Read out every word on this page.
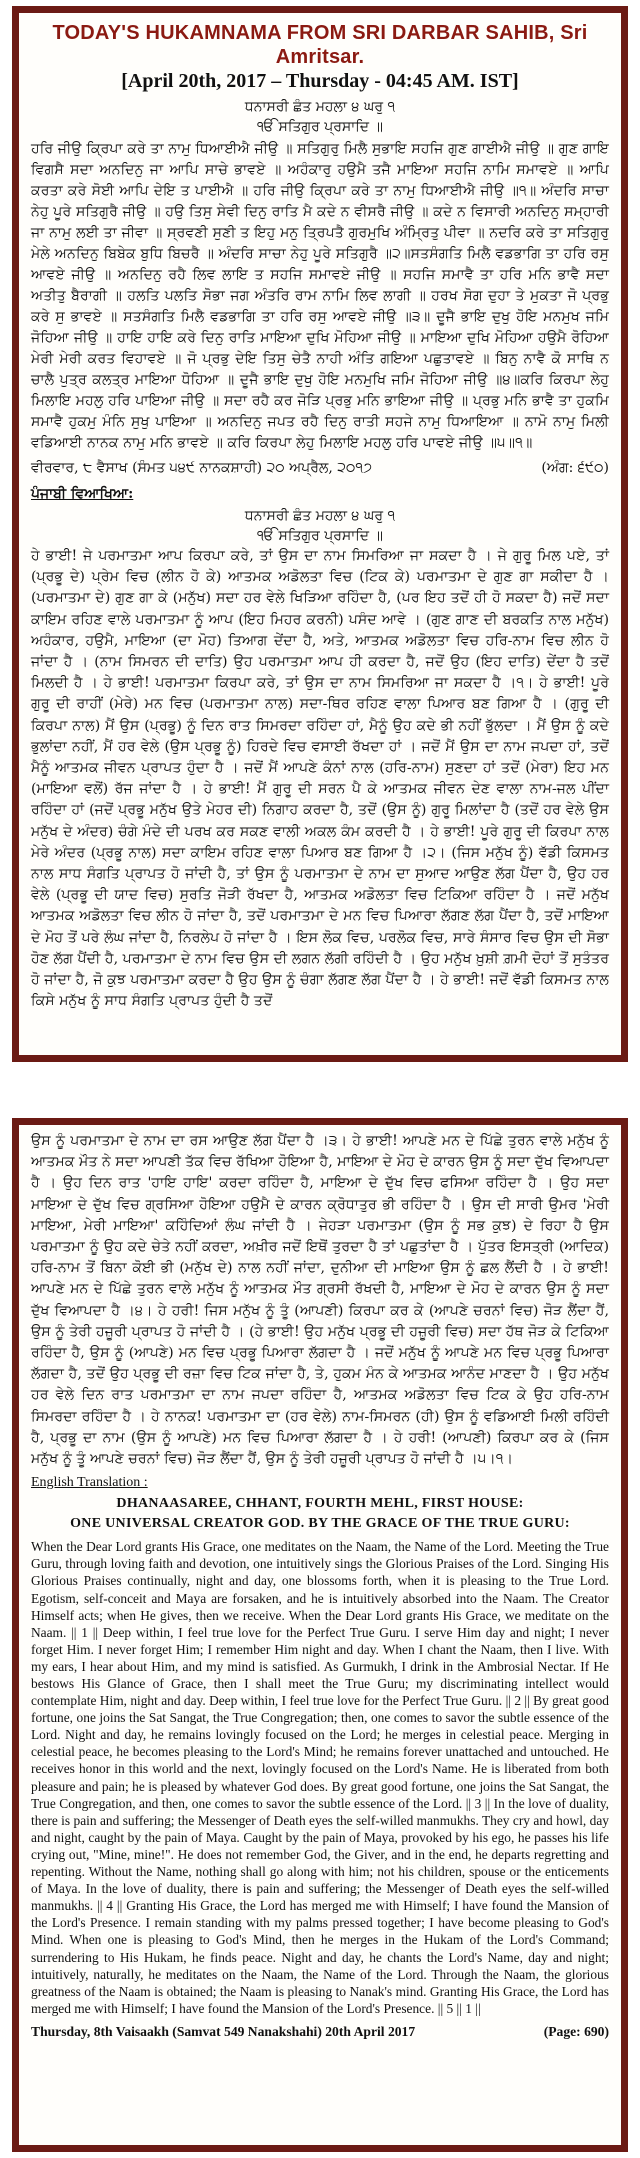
TODAY'S HUKAMNAMA FROM SRI DARBAR SAHIB, Sri Amritsar.
[April 20th, 2017 – Thursday - 04:45 AM. IST]

ਧਨਾਸਰੀ ਛੰਤ ਮਹਲਾ ੪ ਘਰੁ ੧

ੴ ਸਤਿਗੁਰ ਪ੍ਰਸਾਦਿ ॥

ਹਰਿ ਜੀਉ ਕ੍ਰਿਪਾ ਕਰੇ ਤਾ ਨਾਮੁ ਧਿਆਈਐ ਜੀਉ ॥ ਸਤਿਗੁਰੁ ਮਿਲੈ ਸੁਭਾਇ ਸਹਜਿ ਗੁਣ ਗਾਈਐ ਜੀਉ ॥ ਗੁਣ ਗਾਇ ਵਿਗਸੈ ਸਦਾ ਅਨਦਿਨੁ ਜਾ ਆਪਿ ਸਾਚੇ ਭਾਵਏ ॥ ਅਹੰਕਾਰੁ ਹਉਮੈ ਤਜੈ ਮਾਇਆ ਸਹਜਿ ਨਾਮਿ ਸਮਾਵਏ ॥ ਆਪਿ ਕਰਤਾ ਕਰੇ ਸੋਈ ਆਪਿ ਦੇਇ ਤ ਪਾਈਐ ॥ ਹਰਿ ਜੀਉ ਕ੍ਰਿਪਾ ਕਰੇ ਤਾ ਨਾਮੁ ਧਿਆਈਐ ਜੀਉ ॥੧॥ ਅੰਦਰਿ ਸਾਚਾ ਨੇਹੁ ਪੂਰੇ ਸਤਿਗੁਰੈ ਜੀਉ ॥ ਹਉ ਤਿਸੁ ਸੇਵੀ ਦਿਨੁ ਰਾਤਿ ਮੈ ਕਦੇ ਨ ਵੀਸਰੈ ਜੀਉ ॥ ਕਦੇ ਨ ਵਿਸਾਰੀ ਅਨਦਿਨੁ ਸਮ੍ਹਾਰੀ ਜਾ ਨਾਮੁ ਲਈ ਤਾ ਜੀਵਾ ॥ ਸ੍ਰਵਣੀ ਸੁਣੀ ਤ ਇਹੁ ਮਨੁ ਤ੍ਰਿਪਤੈ ਗੁਰਮੁਖਿ ਅੰਮ੍ਰਿਤੁ ਪੀਵਾ ॥ ਨਦਰਿ ਕਰੇ ਤਾ ਸਤਿਗੁਰੁ ਮੇਲੇ ਅਨਦਿਨੁ ਬਿਬੇਕ ਬੁਧਿ ਬਿਚਰੈ ॥ ਅੰਦਰਿ ਸਾਚਾ ਨੇਹੁ ਪੂਰੇ ਸਤਿਗੁਰੈ ॥੨॥ਸਤਸੰਗਤਿ ਮਿਲੈ ਵਡਭਾਗਿ ਤਾ ਹਰਿ ਰਸੁ ਆਵਏ ਜੀਉ ॥ ਅਨਦਿਨੁ ਰਹੈ ਲਿਵ ਲਾਇ ਤ ਸਹਜਿ ਸਮਾਵਏ ਜੀਉ ॥ ਸਹਜਿ ਸਮਾਵੈ ਤਾ ਹਰਿ ਮਨਿ ਭਾਵੈ ਸਦਾ ਅਤੀਤੁ ਬੈਰਾਗੀ ॥ ਹਲਤਿ ਪਲਤਿ ਸੋਭਾ ਜਗ ਅੰਤਰਿ ਰਾਮ ਨਾਮਿ ਲਿਵ ਲਾਗੀ ॥ ਹਰਖ ਸੋਗ ਦੁਹਾ ਤੇ ਮੁਕਤਾ ਜੋ ਪ੍ਰਭੁ ਕਰੇ ਸੁ ਭਾਵਏ ॥ ਸਤਸੰਗਤਿ ਮਿਲੈ ਵਡਭਾਗਿ ਤਾ ਹਰਿ ਰਸੁ ਆਵਏ ਜੀਉ ॥੩॥ ਦੂਜੈ ਭਾਇ ਦੁਖੁ ਹੋਇ ਮਨਮੁਖ ਜਮਿ ਜੋਹਿਆ ਜੀਉ ॥ ਹਾਇ ਹਾਇ ਕਰੇ ਦਿਨੁ ਰਾਤਿ ਮਾਇਆ ਦੁਖਿ ਮੋਹਿਆ ਜੀਉ ॥ ਮਾਇਆ ਦੁਖਿ ਮੋਹਿਆ ਹਉਮੈ ਰੋਹਿਆ ਮੇਰੀ ਮੇਰੀ ਕਰਤ ਵਿਹਾਵਏ ॥ ਜੋ ਪ੍ਰਭੁ ਦੇਇ ਤਿਸੁ ਚੇਤੈ ਨਾਹੀ ਅੰਤਿ ਗਇਆ ਪਛੁਤਾਵਏ ॥ ਬਿਨੁ ਨਾਵੈ ਕੋ ਸਾਥਿ ਨ ਚਾਲੈ ਪੁਤ੍ਰ ਕਲਤ੍ਰ ਮਾਇਆ ਧੋਹਿਆ ॥ ਦੂਜੈ ਭਾਇ ਦੁਖੁ ਹੋਇ ਮਨਮੁਖਿ ਜਮਿ ਜੋਹਿਆ ਜੀਉ ॥੪॥ਕਰਿ ਕਿਰਪਾ ਲੇਹੁ ਮਿਲਾਇ ਮਹਲੁ ਹਰਿ ਪਾਇਆ ਜੀਉ ॥ ਸਦਾ ਰਹੈ ਕਰ ਜੋੜਿ ਪ੍ਰਭੁ ਮਨਿ ਭਾਇਆ ਜੀਉ ॥ ਪ੍ਰਭੁ ਮਨਿ ਭਾਵੈ ਤਾ ਹੁਕਮਿ ਸਮਾਵੈ ਹੁਕਮੁ ਮੰਨਿ ਸੁਖੁ ਪਾਇਆ ॥ ਅਨਦਿਨੁ ਜਪਤ ਰਹੈ ਦਿਨੁ ਰਾਤੀ ਸਹਜੇ ਨਾਮੁ ਧਿਆਇਆ ॥ ਨਾਮੋ ਨਾਮੁ ਮਿਲੀ ਵਡਿਆਈ ਨਾਨਕ ਨਾਮੁ ਮਨਿ ਭਾਵਏ ॥ ਕਰਿ ਕਿਰਪਾ ਲੇਹੁ ਮਿਲਾਇ ਮਹਲੁ ਹਰਿ ਪਾਵਏ ਜੀਉ ॥੫॥੧॥

ਵੀਰਵਾਰ, ੮ ਵੈਸਾਖ (ਸੰਮਤ ੫੪੯ ਨਾਨਕਸ਼ਾਹੀ) ੨੦ ਅਪ੍ਰੈਲ, ੨੦੧੭	(ਅੰਗ: ੬੯੦)

ਪੰਜਾਬੀ ਵਿਆਖਿਆ:

ਧਨਾਸਰੀ ਛੰਤ ਮਹਲਾ ੪ ਘਰੁ ੧

ੴ ਸਤਿਗੁਰ ਪ੍ਰਸਾਦਿ ॥

ਹੇ ਭਾਈ! ਜੇ ਪਰਮਾਤਮਾ ਆਪ ਕਿਰਪਾ ਕਰੇ, ਤਾਂ ਉਸ ਦਾ ਨਾਮ ਸਿਮਰਿਆ ਜਾ ਸਕਦਾ ਹੈ । ਜੇ ਗੁਰੂ ਮਿਲ ਪਏ, ਤਾਂ (ਪ੍ਰਭੂ ਦੇ) ਪ੍ਰੇਮ ਵਿਚ (ਲੀਨ ਹੋ ਕੇ) ਆਤਮਕ ਅਡੋਲਤਾ ਵਿਚ (ਟਿਕ ਕੇ) ਪਰਮਾਤਮਾ ਦੇ ਗੁਣ ਗਾ ਸਕੀਦਾ ਹੈ । (ਪਰਮਾਤਮਾ ਦੇ) ਗੁਣ ਗਾ ਕੇ (ਮਨੁੱਖ) ਸਦਾ ਹਰ ਵੇਲੇ ਖਿੜਿਆ ਰਹਿੰਦਾ ਹੈ, (ਪਰ ਇਹ ਤਦੋਂ ਹੀ ਹੋ ਸਕਦਾ ਹੈ) ਜਦੋਂ ਸਦਾ ਕਾਇਮ ਰਹਿਣ ਵਾਲੇ ਪਰਮਾਤਮਾ ਨੂੰ ਆਪ (ਇਹ ਮਿਹਰ ਕਰਨੀ) ਪਸੰਦ ਆਵੇ । (ਗੁਣ ਗਾਣ ਦੀ ਬਰਕਤਿ ਨਾਲ ਮਨੁੱਖ) ਅਹੰਕਾਰ, ਹਉਮੈ, ਮਾਇਆ (ਦਾ ਮੋਹ) ਤਿਆਗ ਦੇਂਦਾ ਹੈ, ਅਤੇ, ਆਤਮਕ ਅਡੋਲਤਾ ਵਿਚ ਹਰਿ-ਨਾਮ ਵਿਚ ਲੀਨ ਹੋ ਜਾਂਦਾ ਹੈ । (ਨਾਮ ਸਿਮਰਨ ਦੀ ਦਾਤਿ) ਉਹ ਪਰਮਾਤਮਾ ਆਪ ਹੀ ਕਰਦਾ ਹੈ, ਜਦੋਂ ਉਹ (ਇਹ ਦਾਤਿ) ਦੇਂਦਾ ਹੈ ਤਦੋਂ ਮਿਲਦੀ ਹੈ । ਹੇ ਭਾਈ! ਪਰਮਾਤਮਾ ਕਿਰਪਾ ਕਰੇ, ਤਾਂ ਉਸ ਦਾ ਨਾਮ ਸਿਮਰਿਆ ਜਾ ਸਕਦਾ ਹੈ ।੧। ਹੇ ਭਾਈ! ਪੂਰੇ ਗੁਰੂ ਦੀ ਰਾਹੀਂ (ਮੇਰੇ) ਮਨ ਵਿਚ (ਪਰਮਾਤਮਾ ਨਾਲ) ਸਦਾ-ਥਿਰ ਰਹਿਣ ਵਾਲਾ ਪਿਆਰ ਬਣ ਗਿਆ ਹੈ । (ਗੁਰੂ ਦੀ ਕਿਰਪਾ ਨਾਲ) ਮੈਂ ਉਸ (ਪ੍ਰਭੂ) ਨੂੰ ਦਿਨ ਰਾਤ ਸਿਮਰਦਾ ਰਹਿੰਦਾ ਹਾਂ, ਮੈਨੂੰ ਉਹ ਕਦੇ ਭੀ ਨਹੀਂ ਭੁੱਲਦਾ । ਮੈਂ ਉਸ ਨੂੰ ਕਦੇ ਭੁਲਾਂਦਾ ਨਹੀਂ, ਮੈਂ ਹਰ ਵੇਲੇ (ਉਸ ਪ੍ਰਭੂ ਨੂੰ) ਹਿਰਦੇ ਵਿਚ ਵਸਾਈ ਰੱਖਦਾ ਹਾਂ । ਜਦੋਂ ਮੈਂ ਉਸ ਦਾ ਨਾਮ ਜਪਦਾ ਹਾਂ, ਤਦੋਂ ਮੈਨੂੰ ਆਤਮਕ ਜੀਵਨ ਪ੍ਰਾਪਤ ਹੁੰਦਾ ਹੈ । ਜਦੋਂ ਮੈਂ ਆਪਣੇ ਕੰਨਾਂ ਨਾਲ (ਹਰਿ-ਨਾਮ) ਸੁਣਦਾ ਹਾਂ ਤਦੋਂ (ਮੇਰਾ) ਇਹ ਮਨ (ਮਾਇਆ ਵਲੋਂ) ਰੱਜ ਜਾਂਦਾ ਹੈ । ਹੇ ਭਾਈ! ਮੈਂ ਗੁਰੂ ਦੀ ਸਰਨ ਪੈ ਕੇ ਆਤਮਕ ਜੀਵਨ ਦੇਣ ਵਾਲਾ ਨਾਮ-ਜਲ ਪੀਂਦਾ ਰਹਿੰਦਾ ਹਾਂ (ਜਦੋਂ ਪ੍ਰਭੂ ਮਨੁੱਖ ਉਤੇ ਮੇਹਰ ਦੀ) ਨਿਗਾਹ ਕਰਦਾ ਹੈ, ਤਦੋਂ (ਉਸ ਨੂੰ) ਗੁਰੂ ਮਿਲਾਂਦਾ ਹੈ (ਤਦੋਂ ਹਰ ਵੇਲੇ ਉਸ ਮਨੁੱਖ ਦੇ ਅੰਦਰ) ਚੰਗੇ ਮੰਦੇ ਦੀ ਪਰਖ ਕਰ ਸਕਣ ਵਾਲੀ ਅਕਲ ਕੰਮ ਕਰਦੀ ਹੈ । ਹੇ ਭਾਈ! ਪੂਰੇ ਗੁਰੂ ਦੀ ਕਿਰਪਾ ਨਾਲ ਮੇਰੇ ਅੰਦਰ (ਪ੍ਰਭੂ ਨਾਲ) ਸਦਾ ਕਾਇਮ ਰਹਿਣ ਵਾਲਾ ਪਿਆਰ ਬਣ ਗਿਆ ਹੈ ।੨। (ਜਿਸ ਮਨੁੱਖ ਨੂੰ) ਵੱਡੀ ਕਿਸਮਤ ਨਾਲ ਸਾਧ ਸੰਗਤਿ ਪ੍ਰਾਪਤ ਹੋ ਜਾਂਦੀ ਹੈ, ਤਾਂ ਉਸ ਨੂੰ ਪਰਮਾਤਮਾ ਦੇ ਨਾਮ ਦਾ ਸੁਆਦ ਆਉਣ ਲੱਗ ਪੈਂਦਾ ਹੈ, ਉਹ ਹਰ ਵੇਲੇ (ਪ੍ਰਭੂ ਦੀ ਯਾਦ ਵਿਚ) ਸੁਰਤਿ ਜੋੜੀ ਰੱਖਦਾ ਹੈ, ਆਤਮਕ ਅਡੋਲਤਾ ਵਿਚ ਟਿਕਿਆ ਰਹਿੰਦਾ ਹੈ । ਜਦੋਂ ਮਨੁੱਖ ਆਤਮਕ ਅਡੋਲਤਾ ਵਿਚ ਲੀਨ ਹੋ ਜਾਂਦਾ ਹੈ, ਤਦੋਂ ਪਰਮਾਤਮਾ ਦੇ ਮਨ ਵਿਚ ਪਿਆਰਾ ਲੱਗਣ ਲੱਗ ਪੈਂਦਾ ਹੈ, ਤਦੋਂ ਮਾਇਆ ਦੇ ਮੋਹ ਤੋਂ ਪਰੇ ਲੰਘ ਜਾਂਦਾ ਹੈ, ਨਿਰਲੇਪ ਹੋ ਜਾਂਦਾ ਹੈ । ਇਸ ਲੋਕ ਵਿਚ, ਪਰਲੋਕ ਵਿਚ, ਸਾਰੇ ਸੰਸਾਰ ਵਿਚ ਉਸ ਦੀ ਸੋਭਾ ਹੋਣ ਲੱਗ ਪੈਂਦੀ ਹੈ, ਪਰਮਾਤਮਾ ਦੇ ਨਾਮ ਵਿਚ ਉਸ ਦੀ ਲਗਨ ਲੱਗੀ ਰਹਿੰਦੀ ਹੈ । ਉਹ ਮਨੁੱਖ ਖ਼ੁਸ਼ੀ ਗ਼ਮੀ ਦੋਹਾਂ ਤੋਂ ਸੁਤੰਤਰ ਹੋ ਜਾਂਦਾ ਹੈ, ਜੋ ਕੁਝ ਪਰਮਾਤਮਾ ਕਰਦਾ ਹੈ ਉਹ ਉਸ ਨੂੰ ਚੰਗਾ ਲੱਗਣ ਲੱਗ ਪੈਂਦਾ ਹੈ । ਹੇ ਭਾਈ! ਜਦੋਂ ਵੱਡੀ ਕਿਸਮਤ ਨਾਲ ਕਿਸੇ ਮਨੁੱਖ ਨੂੰ ਸਾਧ ਸੰਗਤਿ ਪ੍ਰਾਪਤ ਹੁੰਦੀ ਹੈ ਤਦੋਂ

ਉਸ ਨੂੰ ਪਰਮਾਤਮਾ ਦੇ ਨਾਮ ਦਾ ਰਸ ਆਉਣ ਲੱਗ ਪੈਂਦਾ ਹੈ ।੩। ਹੇ ਭਾਈ! ਆਪਣੇ ਮਨ ਦੇ ਪਿੱਛੇ ਤੁਰਨ ਵਾਲੇ ਮਨੁੱਖ ਨੂੰ ਆਤਮਕ ਮੌਤ ਨੇ ਸਦਾ ਆਪਣੀ ਤੱਕ ਵਿਚ ਰੱਖਿਆ ਹੋਇਆ ਹੈ, ਮਾਇਆ ਦੇ ਮੋਹ ਦੇ ਕਾਰਨ ਉਸ ਨੂੰ ਸਦਾ ਦੁੱਖ ਵਿਆਪਦਾ ਹੈ । ਉਹ ਦਿਨ ਰਾਤ 'ਹਾਇ ਹਾਇ' ਕਰਦਾ ਰਹਿੰਦਾ ਹੈ, ਮਾਇਆ ਦੇ ਦੁੱਖ ਵਿਚ ਫਸਿਆ ਰਹਿੰਦਾ ਹੈ । ਉਹ ਸਦਾ ਮਾਇਆ ਦੇ ਦੁੱਖ ਵਿਚ ਗ੍ਰਸਿਆ ਹੋਇਆ ਹਉਮੈ ਦੇ ਕਾਰਨ ਕ੍ਰੋਧਾਤੁਰ ਭੀ ਰਹਿੰਦਾ ਹੈ । ਉਸ ਦੀ ਸਾਰੀ ਉਮਰ 'ਮੇਰੀ ਮਾਇਆ, ਮੇਰੀ ਮਾਇਆ' ਕਹਿੰਦਿਆਂ ਲੰਘ ਜਾਂਦੀ ਹੈ । ਜੇਹੜਾ ਪਰਮਾਤਮਾ (ਉਸ ਨੂੰ ਸਭ ਕੁਝ) ਦੇ ਰਿਹਾ ਹੈ ਉਸ ਪਰਮਾਤਮਾ ਨੂੰ ਉਹ ਕਦੇ ਚੇਤੇ ਨਹੀਂ ਕਰਦਾ, ਅਖ਼ੀਰ ਜਦੋਂ ਇਥੋਂ ਤੁਰਦਾ ਹੈ ਤਾਂ ਪਛੁਤਾਂਦਾ ਹੈ । ਪੁੱਤਰ ਇਸਤ੍ਰੀ (ਆਦਿਕ) ਹਰਿ-ਨਾਮ ਤੋਂ ਬਿਨਾ ਕੋਈ ਭੀ (ਮਨੁੱਖ ਦੇ) ਨਾਲ ਨਹੀਂ ਜਾਂਦਾ, ਦੁਨੀਆ ਦੀ ਮਾਇਆ ਉਸ ਨੂੰ ਛਲ ਲੈਂਦੀ ਹੈ । ਹੇ ਭਾਈ! ਆਪਣੇ ਮਨ ਦੇ ਪਿੱਛੇ ਤੁਰਨ ਵਾਲੇ ਮਨੁੱਖ ਨੂੰ ਆਤਮਕ ਮੌਤ ਗ੍ਰਸੀ ਰੱਖਦੀ ਹੈ, ਮਾਇਆ ਦੇ ਮੋਹ ਦੇ ਕਾਰਨ ਉਸ ਨੂੰ ਸਦਾ ਦੁੱਖ ਵਿਆਪਦਾ ਹੈ ।੪। ਹੇ ਹਰੀ! ਜਿਸ ਮਨੁੱਖ ਨੂੰ ਤੂੰ (ਆਪਣੀ) ਕਿਰਪਾ ਕਰ ਕੇ (ਆਪਣੇ ਚਰਨਾਂ ਵਿਚ) ਜੋੜ ਲੈਂਦਾ ਹੈਂ, ਉਸ ਨੂੰ ਤੇਰੀ ਹਜ਼ੂਰੀ ਪ੍ਰਾਪਤ ਹੋ ਜਾਂਦੀ ਹੈ । (ਹੇ ਭਾਈ! ਉਹ ਮਨੁੱਖ ਪ੍ਰਭੂ ਦੀ ਹਜ਼ੂਰੀ ਵਿਚ) ਸਦਾ ਹੱਥ ਜੋੜ ਕੇ ਟਿਕਿਆ ਰਹਿੰਦਾ ਹੈ, ਉਸ ਨੂੰ (ਆਪਣੇ) ਮਨ ਵਿਚ ਪ੍ਰਭੂ ਪਿਆਰਾ ਲੱਗਦਾ ਹੈ । ਜਦੋਂ ਮਨੁੱਖ ਨੂੰ ਆਪਣੇ ਮਨ ਵਿਚ ਪ੍ਰਭੂ ਪਿਆਰਾ ਲੱਗਦਾ ਹੈ, ਤਦੋਂ ਉਹ ਪ੍ਰਭੂ ਦੀ ਰਜ਼ਾ ਵਿਚ ਟਿਕ ਜਾਂਦਾ ਹੈ, ਤੇ, ਹੁਕਮ ਮੰਨ ਕੇ ਆਤਮਕ ਆਨੰਦ ਮਾਣਦਾ ਹੈ । ਉਹ ਮਨੁੱਖ ਹਰ ਵੇਲੇ ਦਿਨ ਰਾਤ ਪਰਮਾਤਮਾ ਦਾ ਨਾਮ ਜਪਦਾ ਰਹਿੰਦਾ ਹੈ, ਆਤਮਕ ਅਡੋਲਤਾ ਵਿਚ ਟਿਕ ਕੇ ਉਹ ਹਰਿ-ਨਾਮ ਸਿਮਰਦਾ ਰਹਿੰਦਾ ਹੈ । ਹੇ ਨਾਨਕ! ਪਰਮਾਤਮਾ ਦਾ (ਹਰ ਵੇਲੇ) ਨਾਮ-ਸਿਮਰਨ (ਹੀ) ਉਸ ਨੂੰ ਵਡਿਆਈ ਮਿਲੀ ਰਹਿੰਦੀ ਹੈ, ਪ੍ਰਭੂ ਦਾ ਨਾਮ (ਉਸ ਨੂੰ ਆਪਣੇ) ਮਨ ਵਿਚ ਪਿਆਰਾ ਲੱਗਦਾ ਹੈ । ਹੇ ਹਰੀ! (ਆਪਣੀ) ਕਿਰਪਾ ਕਰ ਕੇ (ਜਿਸ ਮਨੁੱਖ ਨੂੰ ਤੂੰ ਆਪਣੇ ਚਰਨਾਂ ਵਿਚ) ਜੋੜ ਲੈਂਦਾ ਹੈਂ, ਉਸ ਨੂੰ ਤੇਰੀ ਹਜ਼ੂਰੀ ਪ੍ਰਾਪਤ ਹੋ ਜਾਂਦੀ ਹੈ ।੫।੧।

English Translation :

DHANAASAREE, CHHANT, FOURTH MEHL, FIRST HOUSE:

ONE UNIVERSAL CREATOR GOD. BY THE GRACE OF THE TRUE GURU:

When the Dear Lord grants His Grace, one meditates on the Naam, the Name of the Lord. Meeting the True Guru, through loving faith and devotion, one intuitively sings the Glorious Praises of the Lord. Singing His Glorious Praises continually, night and day, one blossoms forth, when it is pleasing to the True Lord. Egotism, self-conceit and Maya are forsaken, and he is intuitively absorbed into the Naam. The Creator Himself acts; when He gives, then we receive. When the Dear Lord grants His Grace, we meditate on the Naam. || 1 || Deep within, I feel true love for the Perfect True Guru. I serve Him day and night; I never forget Him. I never forget Him; I remember Him night and day. When I chant the Naam, then I live. With my ears, I hear about Him, and my mind is satisfied. As Gurmukh, I drink in the Ambrosial Nectar. If He bestows His Glance of Grace, then I shall meet the True Guru; my discriminating intellect would contemplate Him, night and day. Deep within, I feel true love for the Perfect True Guru. || 2 || By great good fortune, one joins the Sat Sangat, the True Congregation; then, one comes to savor the subtle essence of the Lord. Night and day, he remains lovingly focused on the Lord; he merges in celestial peace. Merging in celestial peace, he becomes pleasing to the Lord's Mind; he remains forever unattached and untouched. He receives honor in this world and the next, lovingly focused on the Lord's Name. He is liberated from both pleasure and pain; he is pleased by whatever God does. By great good fortune, one joins the Sat Sangat, the True Congregation, and then, one comes to savor the subtle essence of the Lord. || 3 || In the love of duality, there is pain and suffering; the Messenger of Death eyes the self-willed manmukhs. They cry and howl, day and night, caught by the pain of Maya. Caught by the pain of Maya, provoked by his ego, he passes his life crying out, "Mine, mine!". He does not remember God, the Giver, and in the end, he departs regretting and repenting. Without the Name, nothing shall go along with him; not his children, spouse or the enticements of Maya. In the love of duality, there is pain and suffering; the Messenger of Death eyes the self-willed manmukhs. || 4 || Granting His Grace, the Lord has merged me with Himself; I have found the Mansion of the Lord's Presence. I remain standing with my palms pressed together; I have become pleasing to God's Mind. When one is pleasing to God's Mind, then he merges in the Hukam of the Lord's Command; surrendering to His Hukam, he finds peace. Night and day, he chants the Lord's Name, day and night; intuitively, naturally, he meditates on the Naam, the Name of the Lord. Through the Naam, the glorious greatness of the Naam is obtained; the Naam is pleasing to Nanak's mind. Granting His Grace, the Lord has merged me with Himself; I have found the Mansion of the Lord's Presence. || 5 || 1 ||

Thursday, 8th Vaisaakh (Samvat 549 Nanakshahi) 20th April 2017	(Page: 690)
